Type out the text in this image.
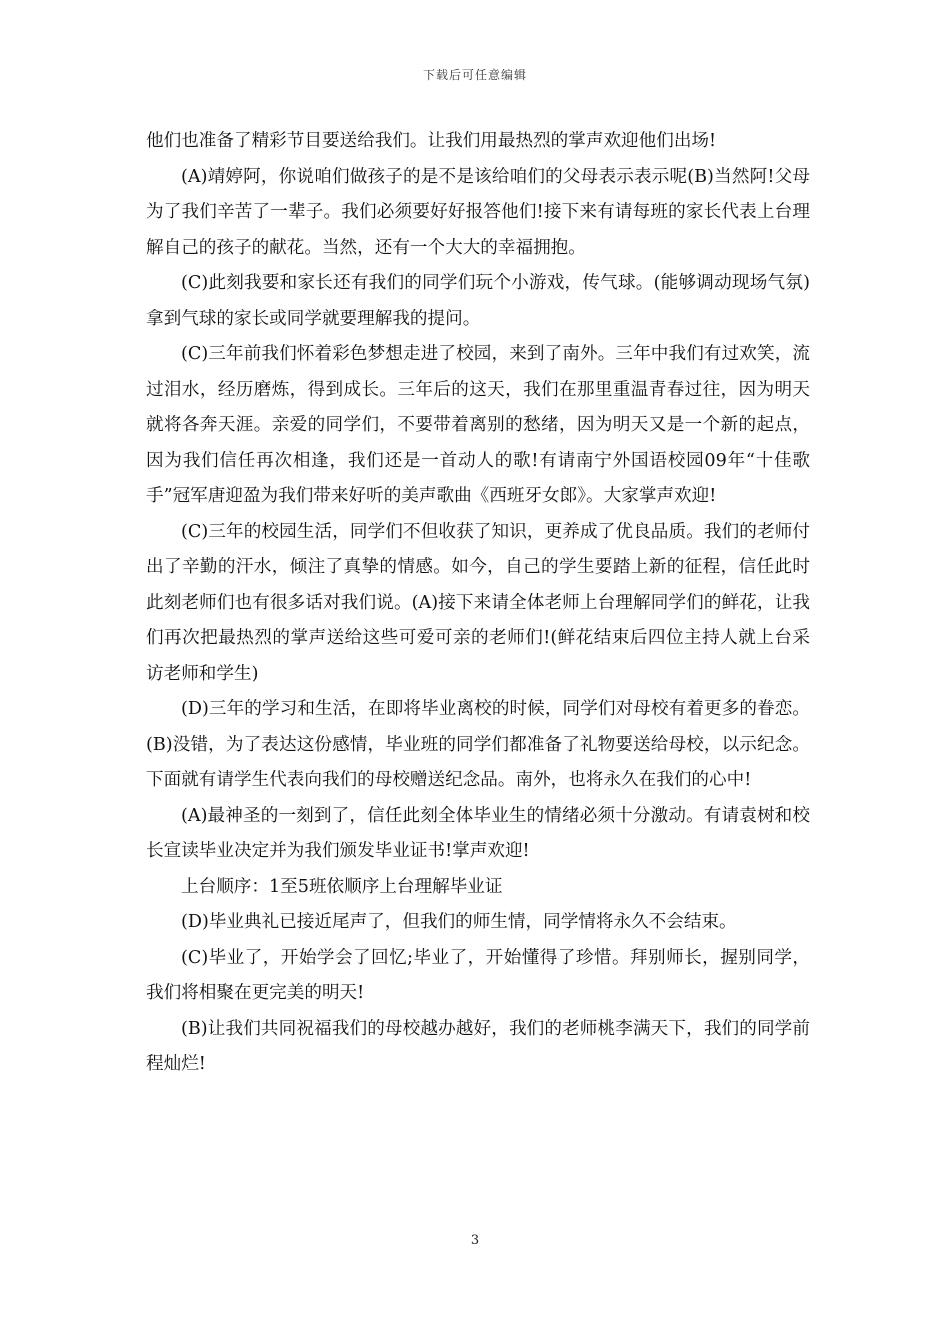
下载后可任意编辑

他们也准备了精彩节目要送给我们。让我们用最热烈的掌声欢迎他们出场!

(A)靖婷阿，你说咱们做孩子的是不是该给咱们的父母表示表示呢(B)当然阿!父母为了我们辛苦了一辈子。我们必须要好好报答他们!接下来有请每班的家长代表上台理解自己的孩子的献花。当然，还有一个大大的幸福拥抱。

(C)此刻我要和家长还有我们的同学们玩个小游戏，传气球。(能够调动现场气氛)拿到气球的家长或同学就要理解我的提问。

(C)三年前我们怀着彩色梦想走进了校园，来到了南外。三年中我们有过欢笑，流过泪水，经历磨炼，得到成长。三年后的这天，我们在那里重温青春过往，因为明天就将各奔天涯。亲爱的同学们，不要带着离别的愁绪，因为明天又是一个新的起点，因为我们信任再次相逢，我们还是一首动人的歌!有请南宁外国语校园09年“十佳歌手”冠军唐迎盈为我们带来好听的美声歌曲《西班牙女郎》。大家掌声欢迎!

(C)三年的校园生活，同学们不但收获了知识，更养成了优良品质。我们的老师付出了辛勤的汗水，倾注了真挚的情感。如今，自己的学生要踏上新的征程，信任此时此刻老师们也有很多话对我们说。(A)接下来请全体老师上台理解同学们的鲜花，让我们再次把最热烈的掌声送给这些可爱可亲的老师们!(鲜花结束后四位主持人就上台采访老师和学生)

(D)三年的学习和生活，在即将毕业离校的时候，同学们对母校有着更多的眷恋。(B)没错，为了表达这份感情，毕业班的同学们都准备了礼物要送给母校，以示纪念。下面就有请学生代表向我们的母校赠送纪念品。南外，也将永久在我们的心中!

(A)最神圣的一刻到了，信任此刻全体毕业生的情绪必须十分激动。有请袁树和校长宣读毕业决定并为我们颁发毕业证书!掌声欢迎!

上台顺序：1至5班依顺序上台理解毕业证

(D)毕业典礼已接近尾声了，但我们的师生情，同学情将永久不会结束。

(C)毕业了，开始学会了回忆;毕业了，开始懂得了珍惜。拜别师长，握别同学，我们将相聚在更完美的明天!

(B)让我们共同祝福我们的母校越办越好，我们的老师桃李满天下，我们的同学前程灿烂!

3
